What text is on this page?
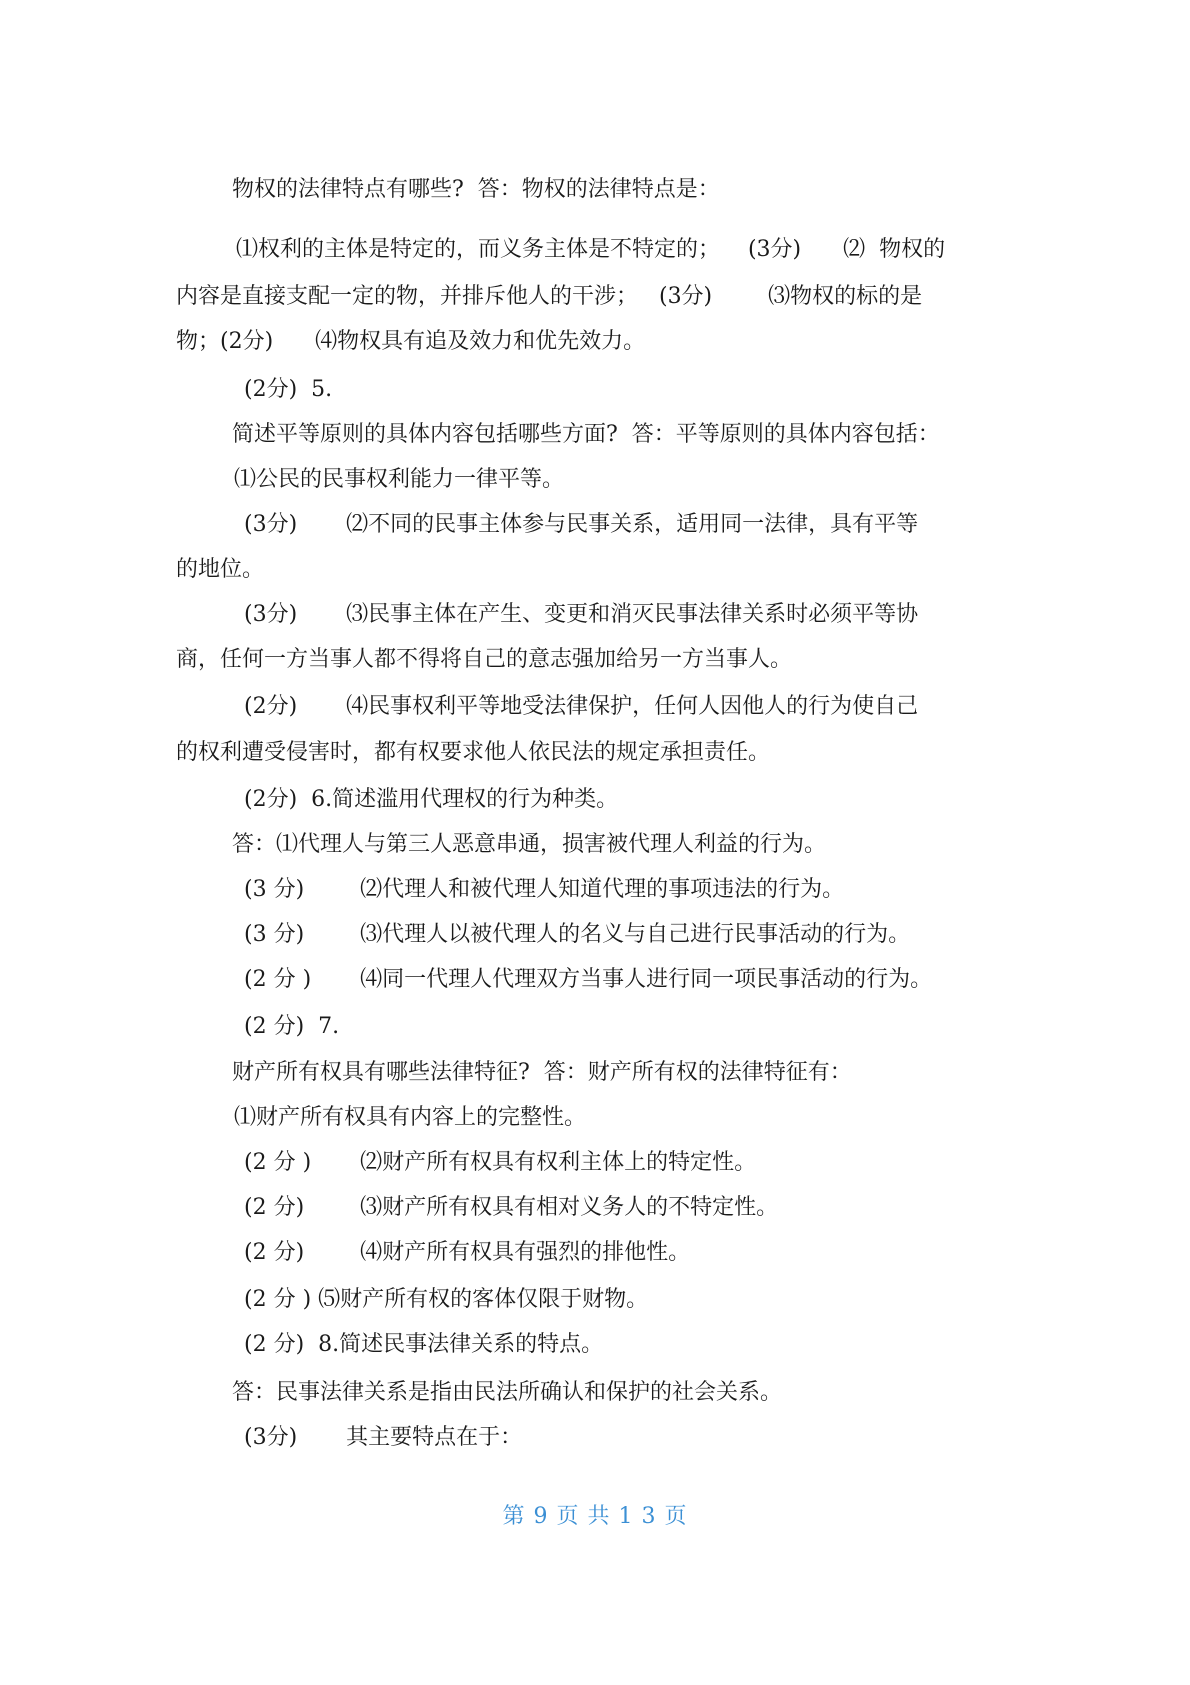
物权的法律特点有哪些?  答：物权的法律特点是：
⑴权利的主体是特定的，而义务主体是不特定的；    (3分)      ⑵  物权的
内容是直接支配一定的物，并排斥他人的干涉；   (3分)        ⑶物权的标的是
物；(2分)      ⑷物权具有追及效力和优先效力。
(2分)  5.
简述平等原则的具体内容包括哪些方面?  答：平等原则的具体内容包括：
⑴公民的民事权利能力一律平等。
(3分)       ⑵不同的民事主体参与民事关系，适用同一法律，具有平等
的地位。
(3分)       ⑶民事主体在产生、变更和消灭民事法律关系时必须平等协
商，任何一方当事人都不得将自己的意志强加给另一方当事人。
(2分)       ⑷民事权利平等地受法律保护，任何人因他人的行为使自己
的权利遭受侵害时，都有权要求他人依民法的规定承担责任。
(2分)  6.简述滥用代理权的行为种类。
答：⑴代理人与第三人恶意串通，损害被代理人利益的行为。
(3 分)        ⑵代理人和被代理人知道代理的事项违法的行为。
(3 分)        ⑶代理人以被代理人的名义与自己进行民事活动的行为。
(2 分 )       ⑷同一代理人代理双方当事人进行同一项民事活动的行为。
(2 分)  7.
财产所有权具有哪些法律特征?  答：财产所有权的法律特征有：
⑴财产所有权具有内容上的完整性。
(2 分 )       ⑵财产所有权具有权利主体上的特定性。
(2 分)        ⑶财产所有权具有相对义务人的不特定性。
(2 分)        ⑷财产所有权具有强烈的排他性。
(2 分 ) ⑸财产所有权的客体仅限于财物。
(2 分)  8.简述民事法律关系的特点。
答：民事法律关系是指由民法所确认和保护的社会关系。
(3分)       其主要特点在于：
第 9 页 共 1 3 页
